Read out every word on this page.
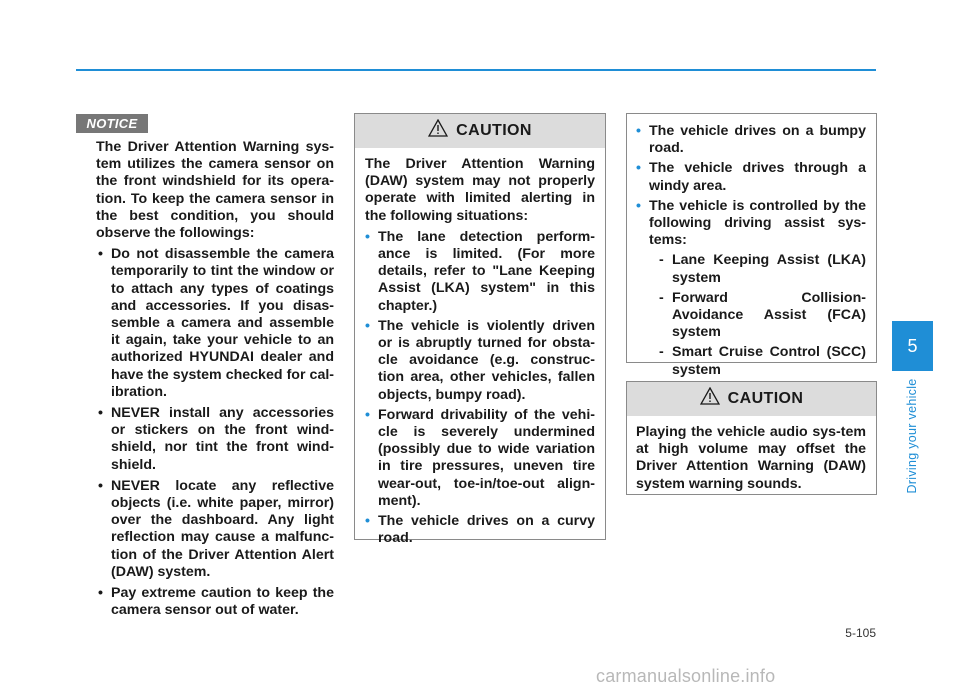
NOTICE

The Driver Attention Warning sys-tem utilizes the camera sensor on the front windshield for its opera-tion. To keep the camera sensor in the best condition, you should observe the followings:

• Do not disassemble the camera temporarily to tint the window or to attach any types of coatings and accessories. If you disas-semble a camera and assemble it again, take your vehicle to an authorized HYUNDAI dealer and have the system checked for cal-ibration.
• NEVER install any accessories or stickers on the front wind-shield, nor tint the front wind-shield.
• NEVER locate any reflective objects (i.e. white paper, mirror) over the dashboard. Any light reflection may cause a malfunc-tion of the Driver Attention Alert (DAW) system.
• Pay extreme caution to keep the camera sensor out of water.
CAUTION

The Driver Attention Warning (DAW) system may not properly operate with limited alerting in the following situations:

• The lane detection perform-ance is limited. (For more details, refer to "Lane Keeping Assist (LKA) system" in this chapter.)
• The vehicle is violently driven or is abruptly turned for obsta-cle avoidance (e.g. construc-tion area, other vehicles, fallen objects, bumpy road).
• Forward drivability of the vehi-cle is severely undermined (possibly due to wide variation in tire pressures, uneven tire wear-out, toe-in/toe-out align-ment).
• The vehicle drives on a curvy road.
• The vehicle drives on a bumpy road.
• The vehicle drives through a windy area.
• The vehicle is controlled by the following driving assist sys-tems:
- Lane Keeping Assist (LKA) system
- Forward Collision-Avoidance Assist (FCA) system
- Smart Cruise Control (SCC) system
CAUTION

Playing the vehicle audio sys-tem at high volume may offset the Driver Attention Warning (DAW) system warning sounds.

5
Driving your vehicle
5-105
carmanualsonline.info
